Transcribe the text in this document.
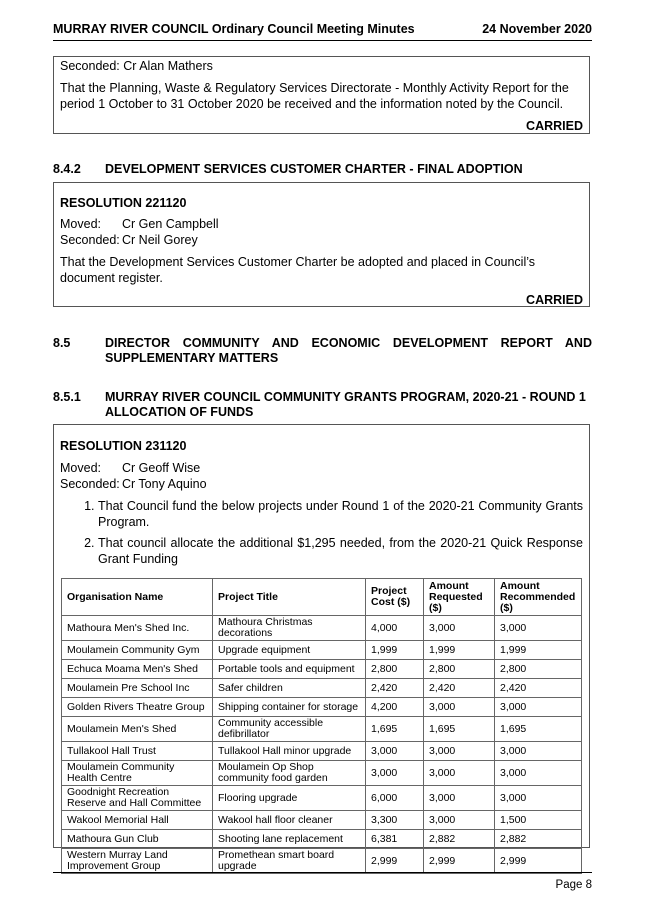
MURRAY RIVER COUNCIL Ordinary Council Meeting Minutes	24 November 2020

Seconded: Cr Alan Mathers

That the Planning, Waste & Regulatory Services Directorate - Monthly Activity Report for the period 1 October to 31 October 2020 be received and the information noted by the Council.

CARRIED

8.4.2	DEVELOPMENT SERVICES CUSTOMER CHARTER - FINAL ADOPTION

RESOLUTION 221120

Moved:	Cr Gen Campbell
Seconded: Cr Neil Gorey

That the Development Services Customer Charter be adopted and placed in Council’s document register.

CARRIED

8.5	DIRECTOR COMMUNITY AND ECONOMIC DEVELOPMENT REPORT AND
SUPPLEMENTARY MATTERS
8.5.1	MURRAY RIVER COUNCIL COMMUNITY GRANTS PROGRAM, 2020-21 - ROUND 1
ALLOCATION OF FUNDS

RESOLUTION 231120

Moved:	Cr Geoff Wise
Seconded: Cr Tony Aquino
1. That Council fund the below projects under Round 1 of the 2020-21 Community Grants Program.
2. That council allocate the additional $1,295 needed, from the 2020-21 Quick Response Grant Funding
Organisation Name	Project Title	Project Cost ($)	Amount Requested ($)	Amount Recommended ($)
Mathoura Men's Shed Inc.	Mathoura Christmas decorations	4,000	3,000	3,000
Moulamein Community Gym	Upgrade equipment	1,999	1,999	1,999
Echuca Moama Men's Shed	Portable tools and equipment	2,800	2,800	2,800
Moulamein Pre School Inc	Safer children	2,420	2,420	2,420
Golden Rivers Theatre Group	Shipping container for storage	4,200	3,000	3,000
Moulamein Men's Shed	Community accessible defibrillator	1,695	1,695	1,695
Tullakool Hall Trust	Tullakool Hall minor upgrade	3,000	3,000	3,000
Moulamein Community Health Centre	Moulamein Op Shop community food garden	3,000	3,000	3,000
Goodnight Recreation Reserve and Hall Committee	Flooring upgrade	6,000	3,000	3,000
Wakool Memorial Hall	Wakool hall floor cleaner	3,300	3,000	1,500
Mathoura Gun Club	Shooting lane replacement	6,381	2,882	2,882
Western Murray Land Improvement Group	Promethean smart board upgrade	2,999	2,999	2,999
Page 8
